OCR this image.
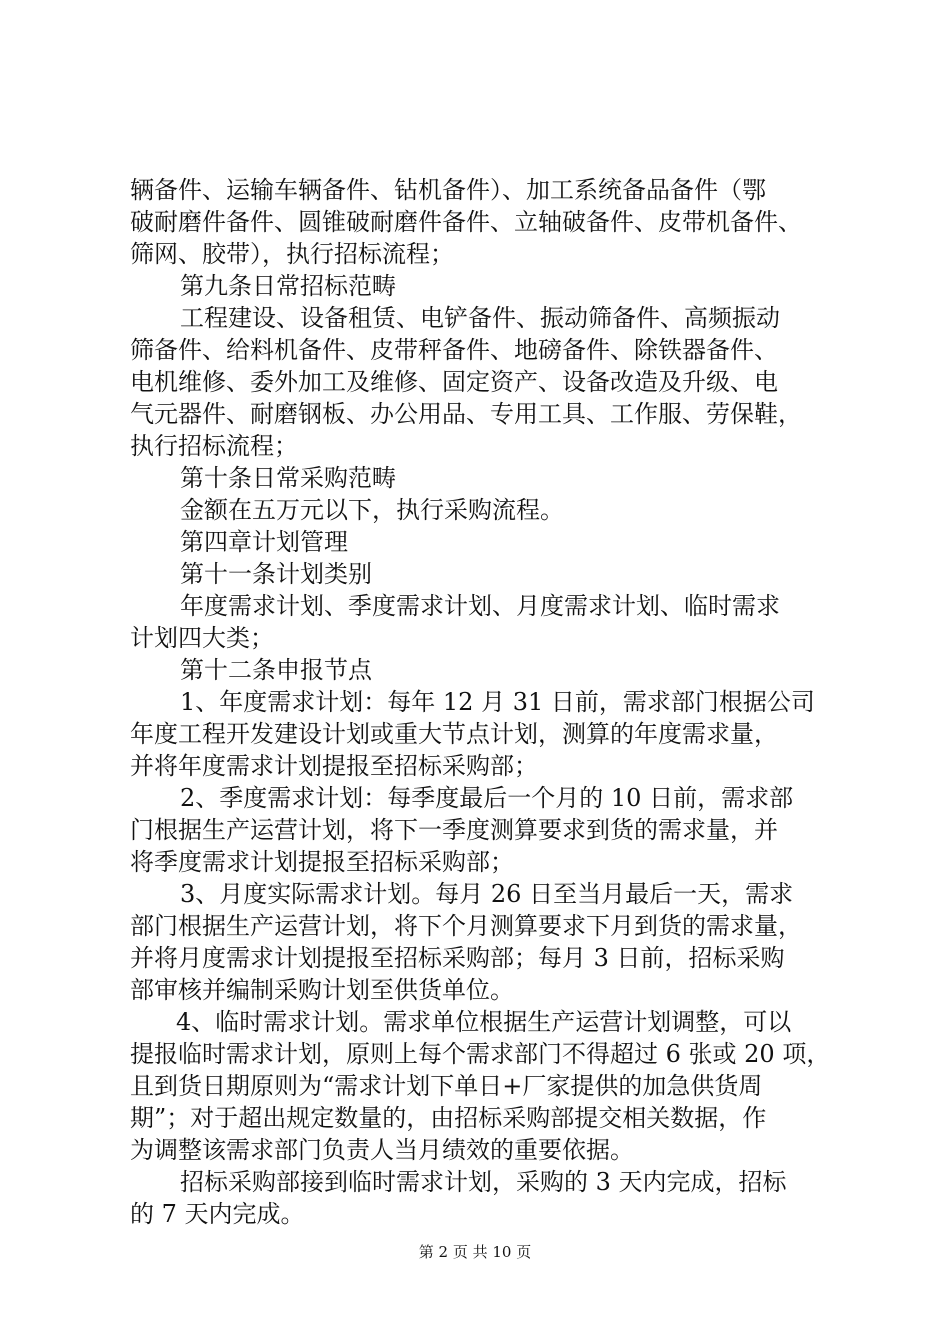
辆备件、运输车辆备件、钻机备件）、加工系统备品备件（鄂
破耐磨件备件、圆锥破耐磨件备件、立轴破备件、皮带机备件、
筛网、胶带），执行招标流程；
第九条日常招标范畴
工程建设、设备租赁、电铲备件、振动筛备件、高频振动
筛备件、给料机备件、皮带秤备件、地磅备件、除铁器备件、
电机维修、委外加工及维修、固定资产、设备改造及升级、电
气元器件、耐磨钢板、办公用品、专用工具、工作服、劳保鞋，
执行招标流程；
第十条日常采购范畴
金额在五万元以下，执行采购流程。
第四章计划管理
第十一条计划类别
年度需求计划、季度需求计划、月度需求计划、临时需求
计划四大类；
第十二条申报节点
1、年度需求计划：每年 12 月 31 日前，需求部门根据公司
年度工程开发建设计划或重大节点计划，测算的年度需求量，
并将年度需求计划提报至招标采购部；
2、季度需求计划：每季度最后一个月的 10 日前，需求部
门根据生产运营计划，将下一季度测算要求到货的需求量，并
将季度需求计划提报至招标采购部；
3、月度实际需求计划。每月 26 日至当月最后一天，需求
部门根据生产运营计划，将下个月测算要求下月到货的需求量，
并将月度需求计划提报至招标采购部；每月 3 日前，招标采购
部审核并编制采购计划至供货单位。
4、临时需求计划。需求单位根据生产运营计划调整，可以
提报临时需求计划，原则上每个需求部门不得超过 6 张或 20 项，
且到货日期原则为“需求计划下单日+厂家提供的加急供货周
期”；对于超出规定数量的，由招标采购部提交相关数据，作
为调整该需求部门负责人当月绩效的重要依据。
招标采购部接到临时需求计划，采购的 3 天内完成，招标
的 7 天内完成。
第 2 页 共 10 页
